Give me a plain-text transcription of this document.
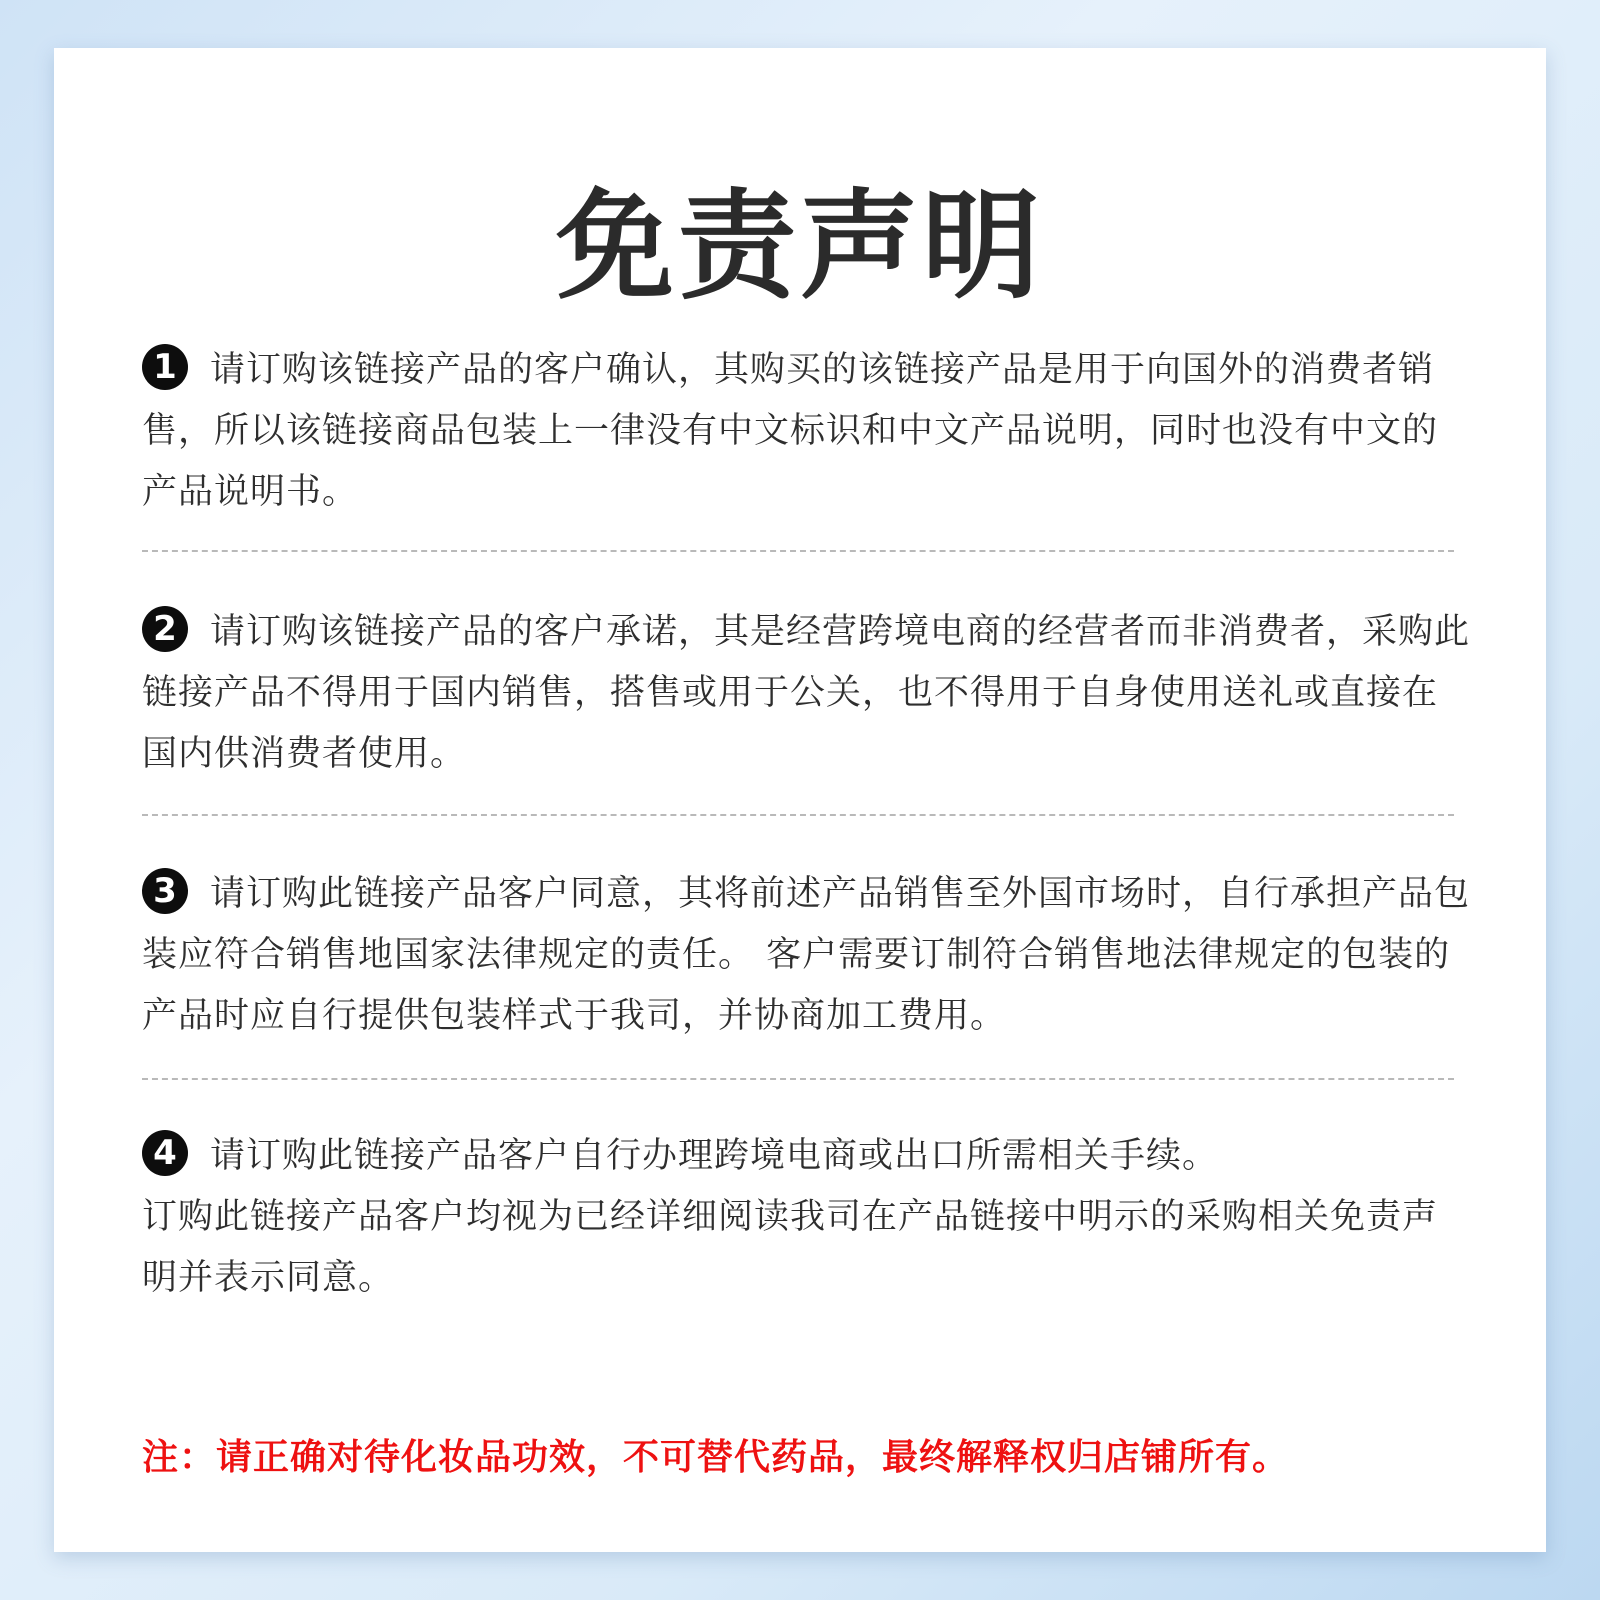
免责声明
1 请订购该链接产品的客户确认，其购买的该链接产品是用于向国外的消费者销售，所以该链接商品包装上一律没有中文标识和中文产品说明，同时也没有中文的产品说明书。
2 请订购该链接产品的客户承诺，其是经营跨境电商的经营者而非消费者，采购此链接产品不得用于国内销售，搭售或用于公关，也不得用于自身使用送礼或直接在国内供消费者使用。
3 请订购此链接产品客户同意，其将前述产品销售至外国市场时，自行承担产品包装应符合销售地国家法律规定的责任。 客户需要订制符合销售地法律规定的包装的产品时应自行提供包装样式于我司，并协商加工费用。
4 请订购此链接产品客户自行办理跨境电商或出口所需相关手续。
订购此链接产品客户均视为已经详细阅读我司在产品链接中明示的采购相关免责声明并表示同意。

注：请正确对待化妆品功效，不可替代药品，最终解释权归店铺所有。
